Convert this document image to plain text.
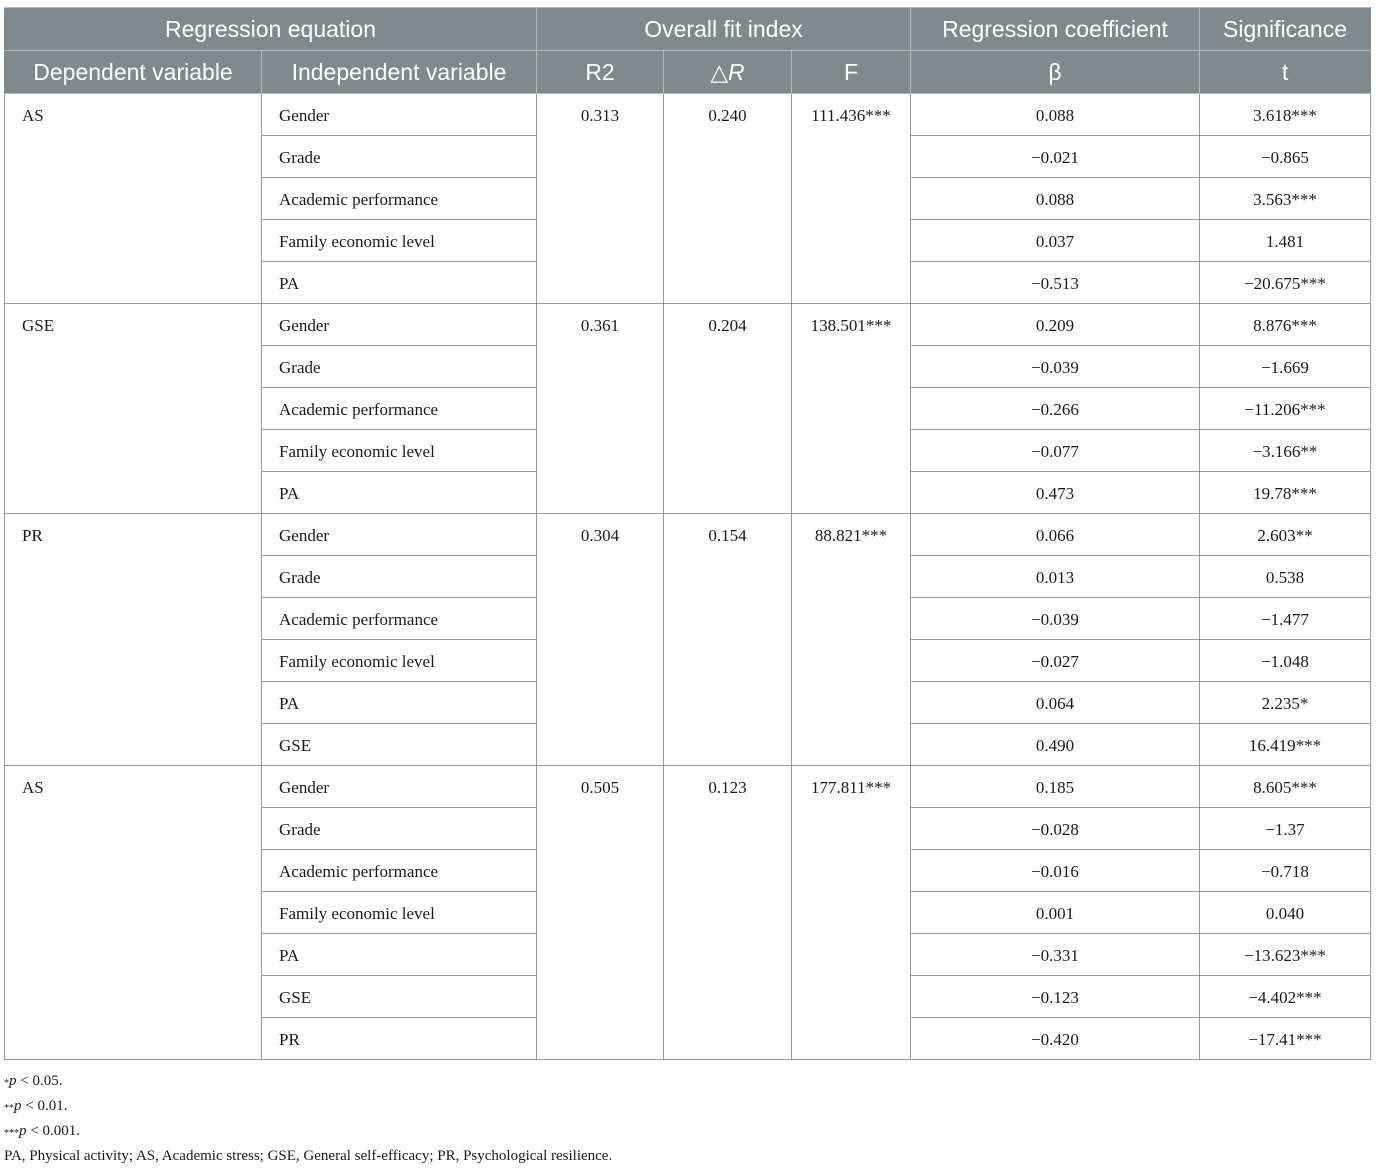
Regression equation		Overall fit index			Regression coefficient	Significance
Dependent variable	Independent variable	R2	△R	F	β	t

AS	Gender	0.313	0.240	111.436***	0.088	3.618***

	Grade				−0.021	−0.865

	Academic performance				0.088	3.563***

	Family economic level				0.037	1.481

	PA				−0.513	−20.675***

GSE	Gender	0.361	0.204	138.501***	0.209	8.876***

	Grade				−0.039	−1.669

	Academic performance				−0.266	−11.206***

	Family economic level				−0.077	−3.166**

	PA				0.473	19.78***

PR	Gender	0.304	0.154	88.821***	0.066	2.603**

	Grade				0.013	0.538

	Academic performance				−0.039	−1.477

	Family economic level				−0.027	−1.048

	PA				0.064	2.235*

	GSE				0.490	16.419***

AS	Gender	0.505	0.123	177.811***	0.185	8.605***

	Grade				−0.028	−1.37

	Academic performance				−0.016	−0.718

	Family economic level				0.001	0.040

	PA				−0.331	−13.623***

	GSE				−0.123	−4.402***

	PR				−0.420	−17.41***
*p < 0.05.
**p < 0.01.
***p < 0.001.
PA, Physical activity; AS, Academic stress; GSE, General self-efficacy; PR, Psychological resilience.
